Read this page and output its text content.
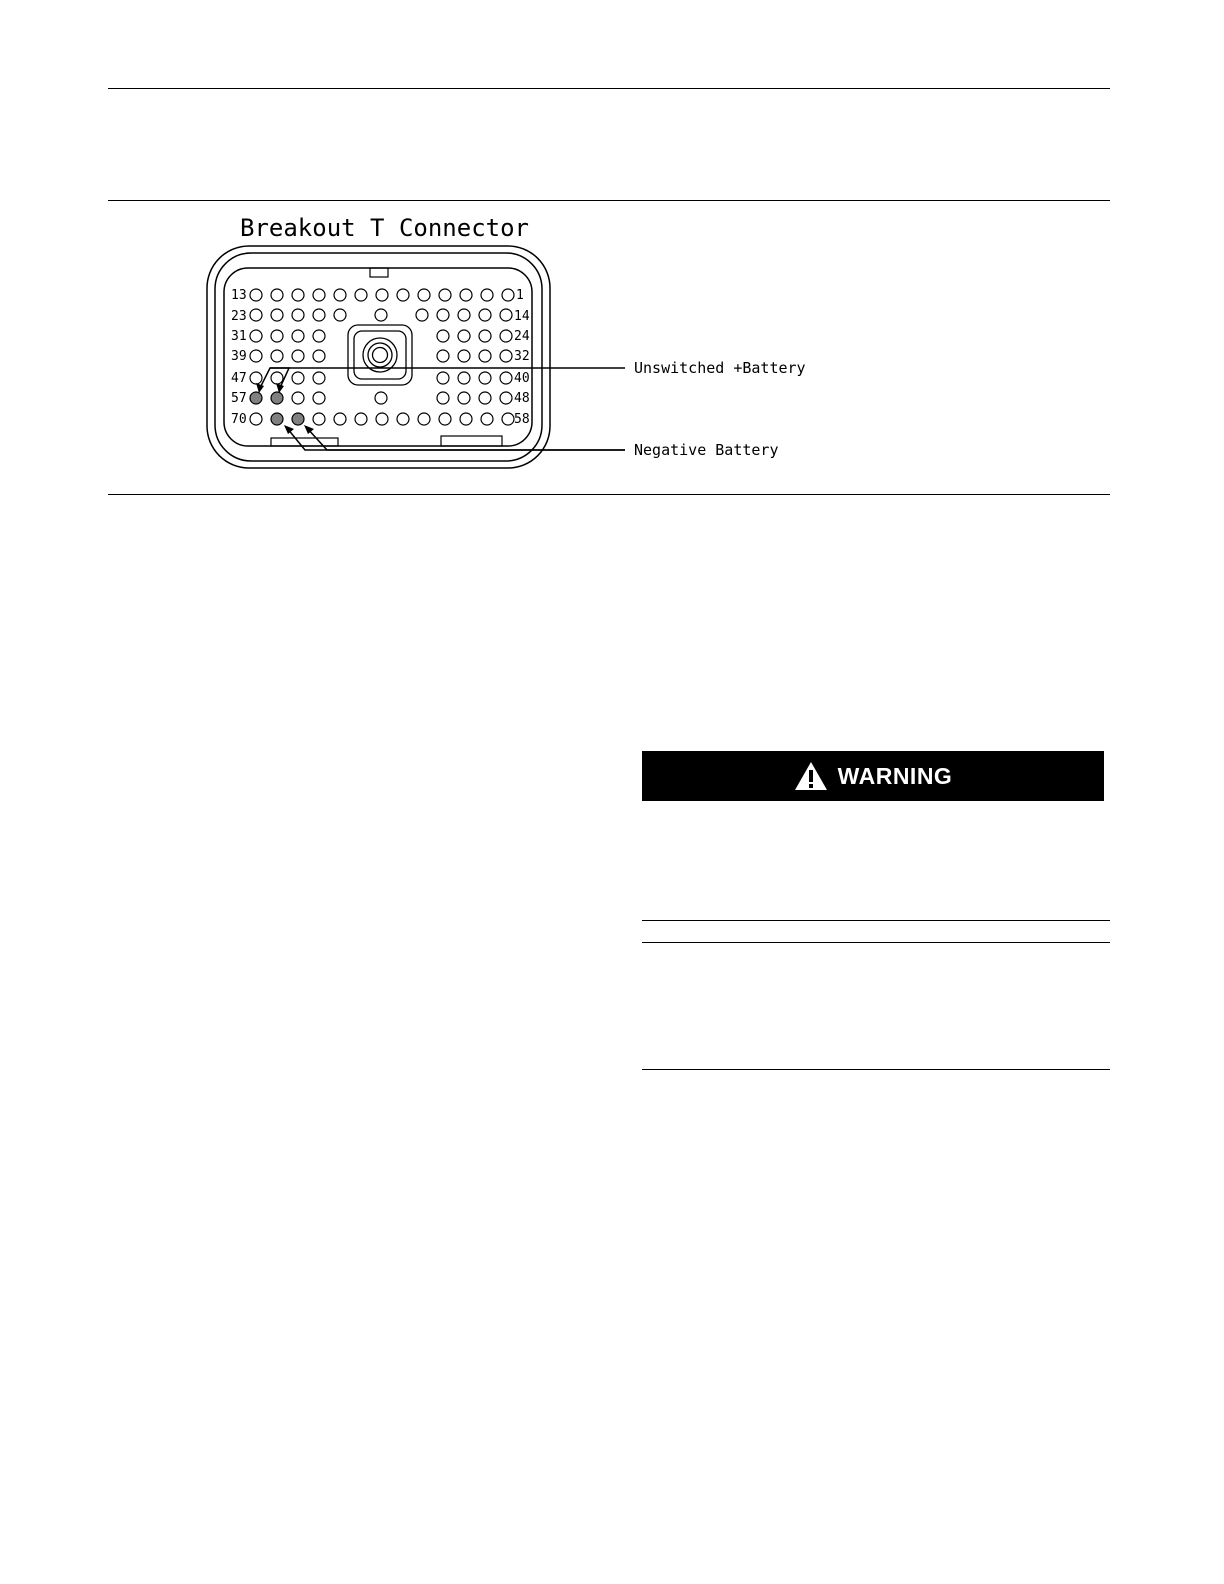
Breakout T Connector
13
23
31
39
47
57
70
1
14
24
32
40
48
58
Unswitched +Battery
Negative Battery
WARNING
